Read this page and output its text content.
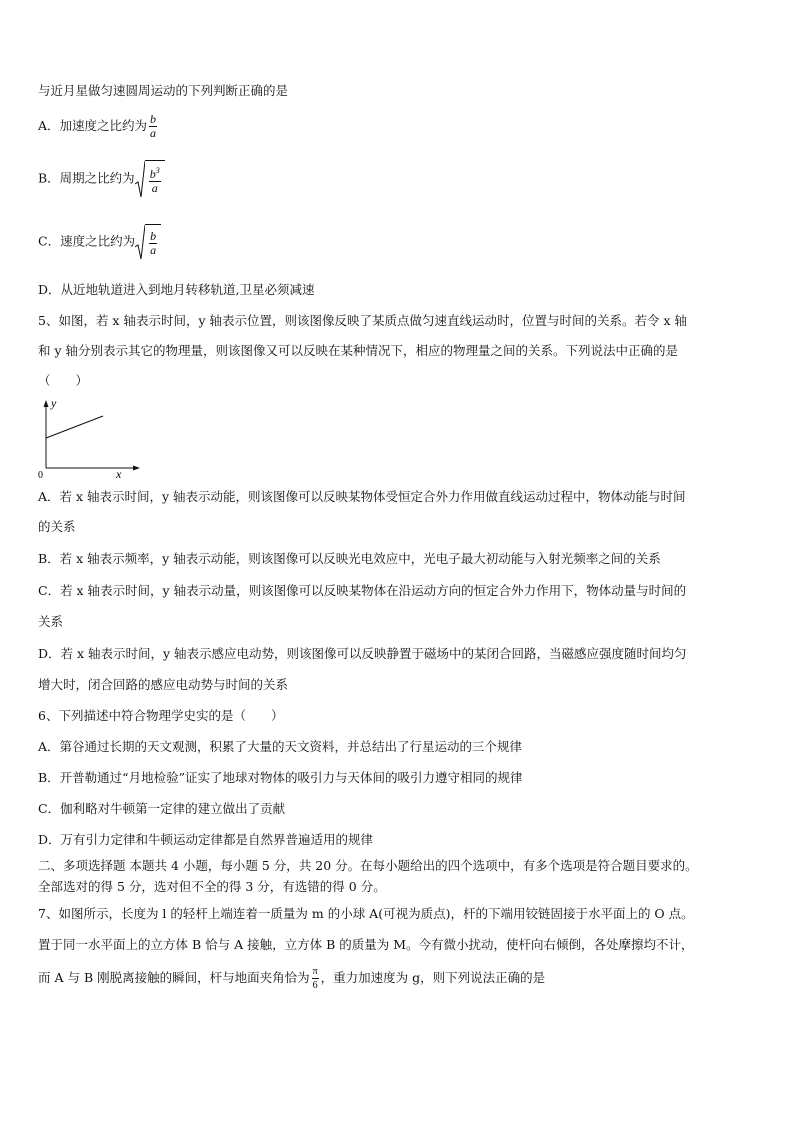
与近月星做匀速圆周运动的下列判断正确的是
A．加速度之比约为 $\frac{b}{a}$
B．周期之比约为 $\frac{b^3}{a}$
C．速度之比约为 $\frac{b}{a}$
D．从近地轨道进入到地月转移轨道,卫星必须减速
5、如图，若 x 轴表示时间，y 轴表示位置，则该图像反映了某质点做匀速直线运动时，位置与时间的关系。若令 x 轴
和 y 轴分别表示其它的物理量，则该图像又可以反映在某种情况下，相应的物理量之间的关系。下列说法中正确的是
（　　）
y
0	x
A．若 x 轴表示时间，y 轴表示动能，则该图像可以反映某物体受恒定合外力作用做直线运动过程中，物体动能与时间
的关系
B．若 x 轴表示频率，y 轴表示动能，则该图像可以反映光电效应中，光电子最大初动能与入射光频率之间的关系
C．若 x 轴表示时间，y 轴表示动量，则该图像可以反映某物体在沿运动方向的恒定合外力作用下，物体动量与时间的
关系
D．若 x 轴表示时间，y 轴表示感应电动势，则该图像可以反映静置于磁场中的某闭合回路，当磁感应强度随时间均匀
增大时，闭合回路的感应电动势与时间的关系
6、下列描述中符合物理学史实的是（　　）
A．第谷通过长期的天文观测，积累了大量的天文资料，并总结出了行星运动的三个规律
B．开普勒通过“月地检验”证实了地球对物体的吸引力与天体间的吸引力遵守相同的规律
C．伽利略对牛顿第一定律的建立做出了贡献
D．万有引力定律和牛顿运动定律都是自然界普遍适用的规律
二、多项选择题 本题共 4 小题，每小题 5 分，共 20 分。在每小题给出的四个选项中，有多个选项是符合题目要求的。
全部选对的得 5 分，选对但不全的得 3 分，有选错的得 0 分。
7、如图所示，长度为 l 的轻杆上端连着一质量为 m 的小球 A(可视为质点)，杆的下端用铰链固接于水平面上的 O 点。
置于同一水平面上的立方体 B 恰与 A 接触，立方体 B 的质量为 M。今有微小扰动，使杆向右倾倒，各处摩擦均不计，
而 A 与 B 刚脱离接触的瞬间，杆与地面夹角恰为 $\frac{\pi}{6}$ ，重力加速度为 g，则下列说法正确的是
